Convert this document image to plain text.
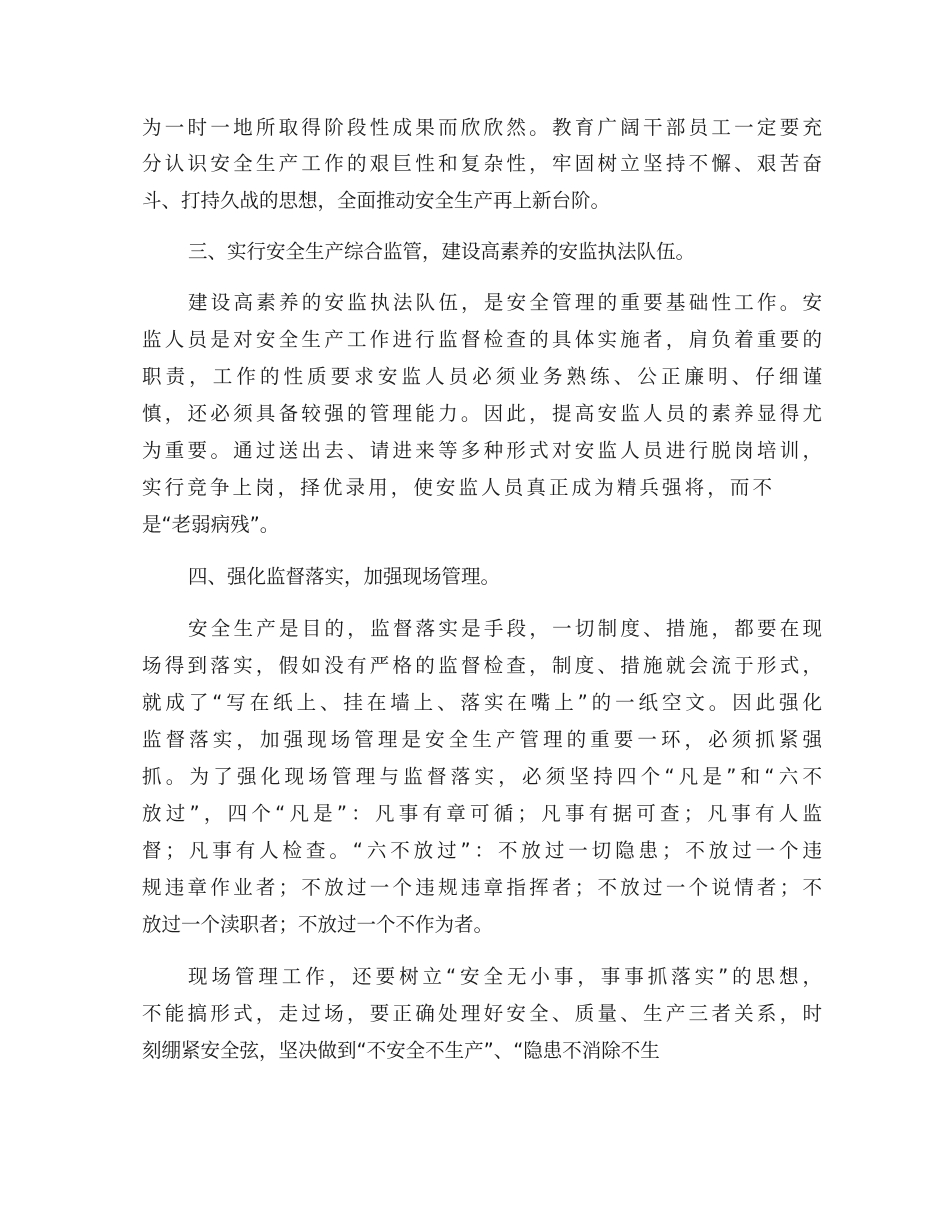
为一时一地所取得阶段性成果而欣欣然。教育广阔干部员工一定要充
分认识安全生产工作的艰巨性和复杂性，牢固树立坚持不懈、艰苦奋
斗、打持久战的思想，全面推动安全生产再上新台阶。
三、实行安全生产综合监管，建设高素养的安监执法队伍。
建设高素养的安监执法队伍，是安全管理的重要基础性工作。安
监人员是对安全生产工作进行监督检查的具体实施者，肩负着重要的
职责，工作的性质要求安监人员必须业务熟练、公正廉明、仔细谨
慎，还必须具备较强的管理能力。因此，提高安监人员的素养显得尤
为重要。通过送出去、请进来等多种形式对安监人员进行脱岗培训，
实行竞争上岗，择优录用，使安监人员真正成为精兵强将，而不
是“老弱病残”。
四、强化监督落实，加强现场管理。
安全生产是目的，监督落实是手段，一切制度、措施，都要在现
场得到落实，假如没有严格的监督检查，制度、措施就会流于形式，
就成了“写在纸上、挂在墙上、落实在嘴上”的一纸空文。因此强化
监督落实，加强现场管理是安全生产管理的重要一环，必须抓紧强
抓。为了强化现场管理与监督落实，必须坚持四个“凡是”和“六不
放过”，四个“凡是”：凡事有章可循；凡事有据可查；凡事有人监
督；凡事有人检查。“六不放过”：不放过一切隐患；不放过一个违
规违章作业者；不放过一个违规违章指挥者；不放过一个说情者；不
放过一个渎职者；不放过一个不作为者。
现场管理工作，还要树立“安全无小事，事事抓落实”的思想，
不能搞形式，走过场，要正确处理好安全、质量、生产三者关系，时
刻绷紧安全弦，坚决做到“不安全不生产”、“隐患不消除不生
